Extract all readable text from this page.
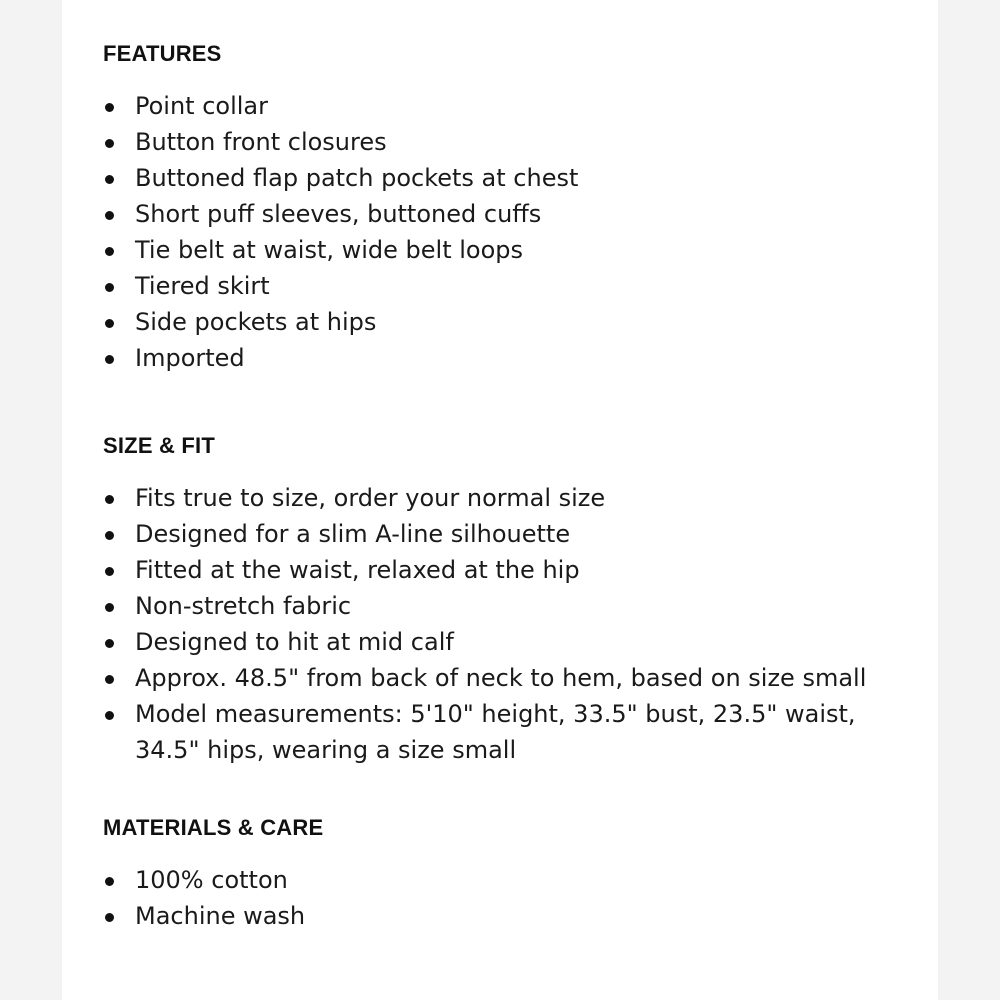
FEATURES
Point collar
Button front closures
Buttoned flap patch pockets at chest
Short puff sleeves, buttoned cuffs
Tie belt at waist, wide belt loops
Tiered skirt
Side pockets at hips
Imported
SIZE & FIT
Fits true to size, order your normal size
Designed for a slim A-line silhouette
Fitted at the waist, relaxed at the hip
Non-stretch fabric
Designed to hit at mid calf
Approx. 48.5" from back of neck to hem, based on size small
Model measurements: 5'10" height, 33.5" bust, 23.5" waist, 34.5" hips, wearing a size small
MATERIALS & CARE
100% cotton
Machine wash
